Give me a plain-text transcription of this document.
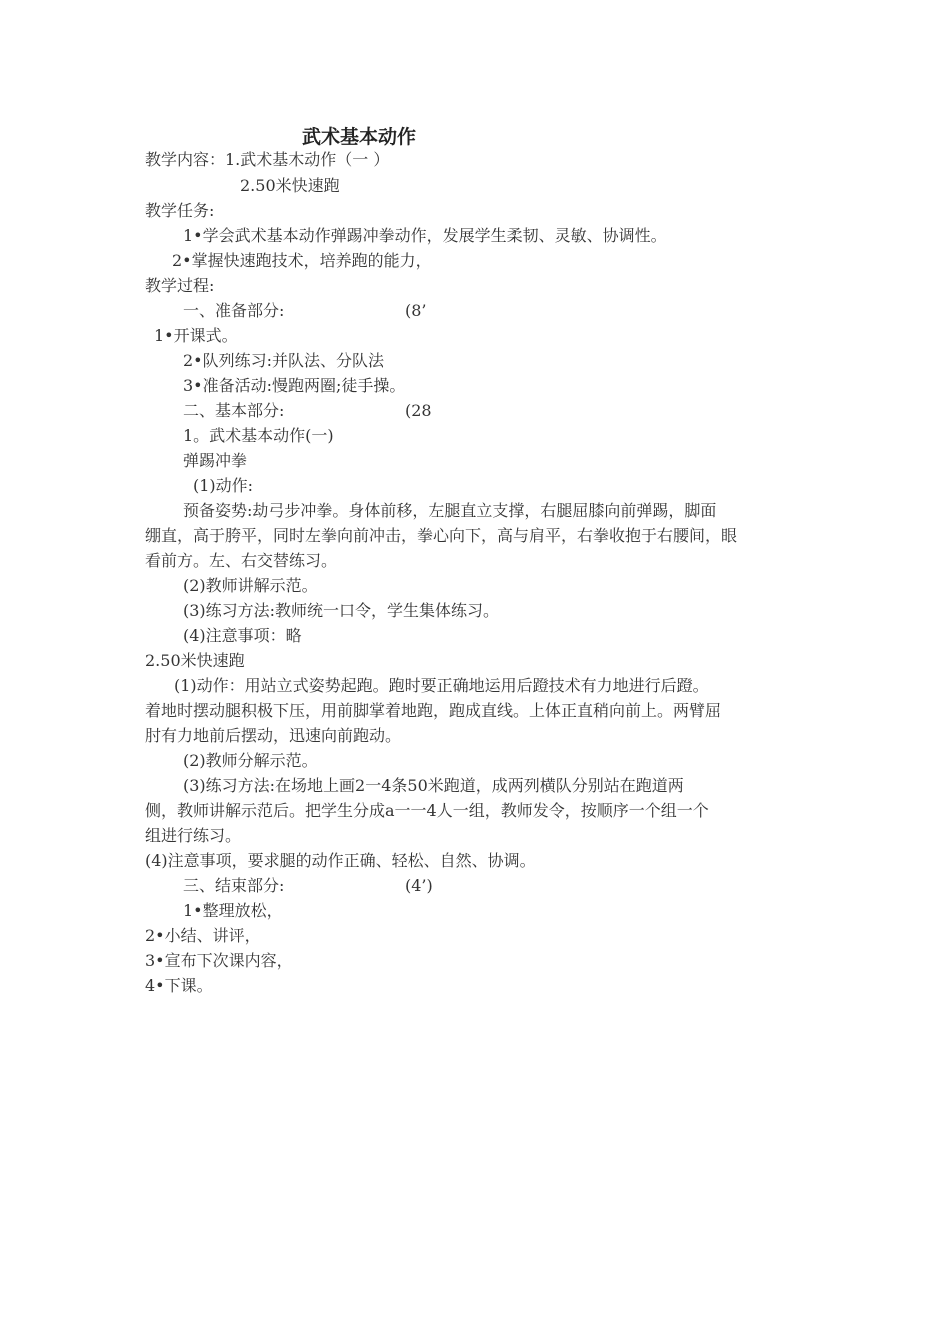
武术基本动作
教学内容：1.武术基木动作（一 ）
2.50米快速跑
教学任务:
1•学会武术基本动作弹踢冲拳动作，发展学生柔韧、灵敏、协调性。
2•掌握快速跑技术，培养跑的能力，
教学过程:
一、准备部分:	(8’
1•开课式。
2•队列练习:并队法、分队法
3•准备活动:慢跑两圈;徒手操。
二、基本部分:	(28
1。武术基本动作(一)
弹踢冲拳
(1)动作:
预备姿势:劫弓步冲拳。身体前移，左腿直立支撑，右腿屈膝向前弹踢，脚面
绷直，高于胯平，同时左拳向前冲击，拳心向下，高与肩平，右拳收抱于右腰间，眼
看前方。左、右交替练习。
(2)教师讲解示范。
(3)练习方法:教师统一口令，学生集体练习。
(4)注意事项：略
2.50米快速跑
(1)动作：用站立式姿势起跑。跑时要正确地运用后蹬技术有力地进行后蹬。
着地时摆动腿积极下压，用前脚掌着地跑，跑成直线。上体正直稍向前上。两臂屈
肘有力地前后摆动，迅速向前跑动。
(2)教师分解示范。
(3)练习方法:在场地上画2一4条50米跑道，成两列横队分别站在跑道两
侧，教师讲解示范后。把学生分成a一一4人一组，教师发令，按顺序一个组一个
组进行练习。
(4)注意事项，要求腿的动作正确、轻松、自然、协调。
三、结束部分:	(4’)
1•整理放松，
2•小结、讲评，
3•宣布下次课内容，
4•下课。
